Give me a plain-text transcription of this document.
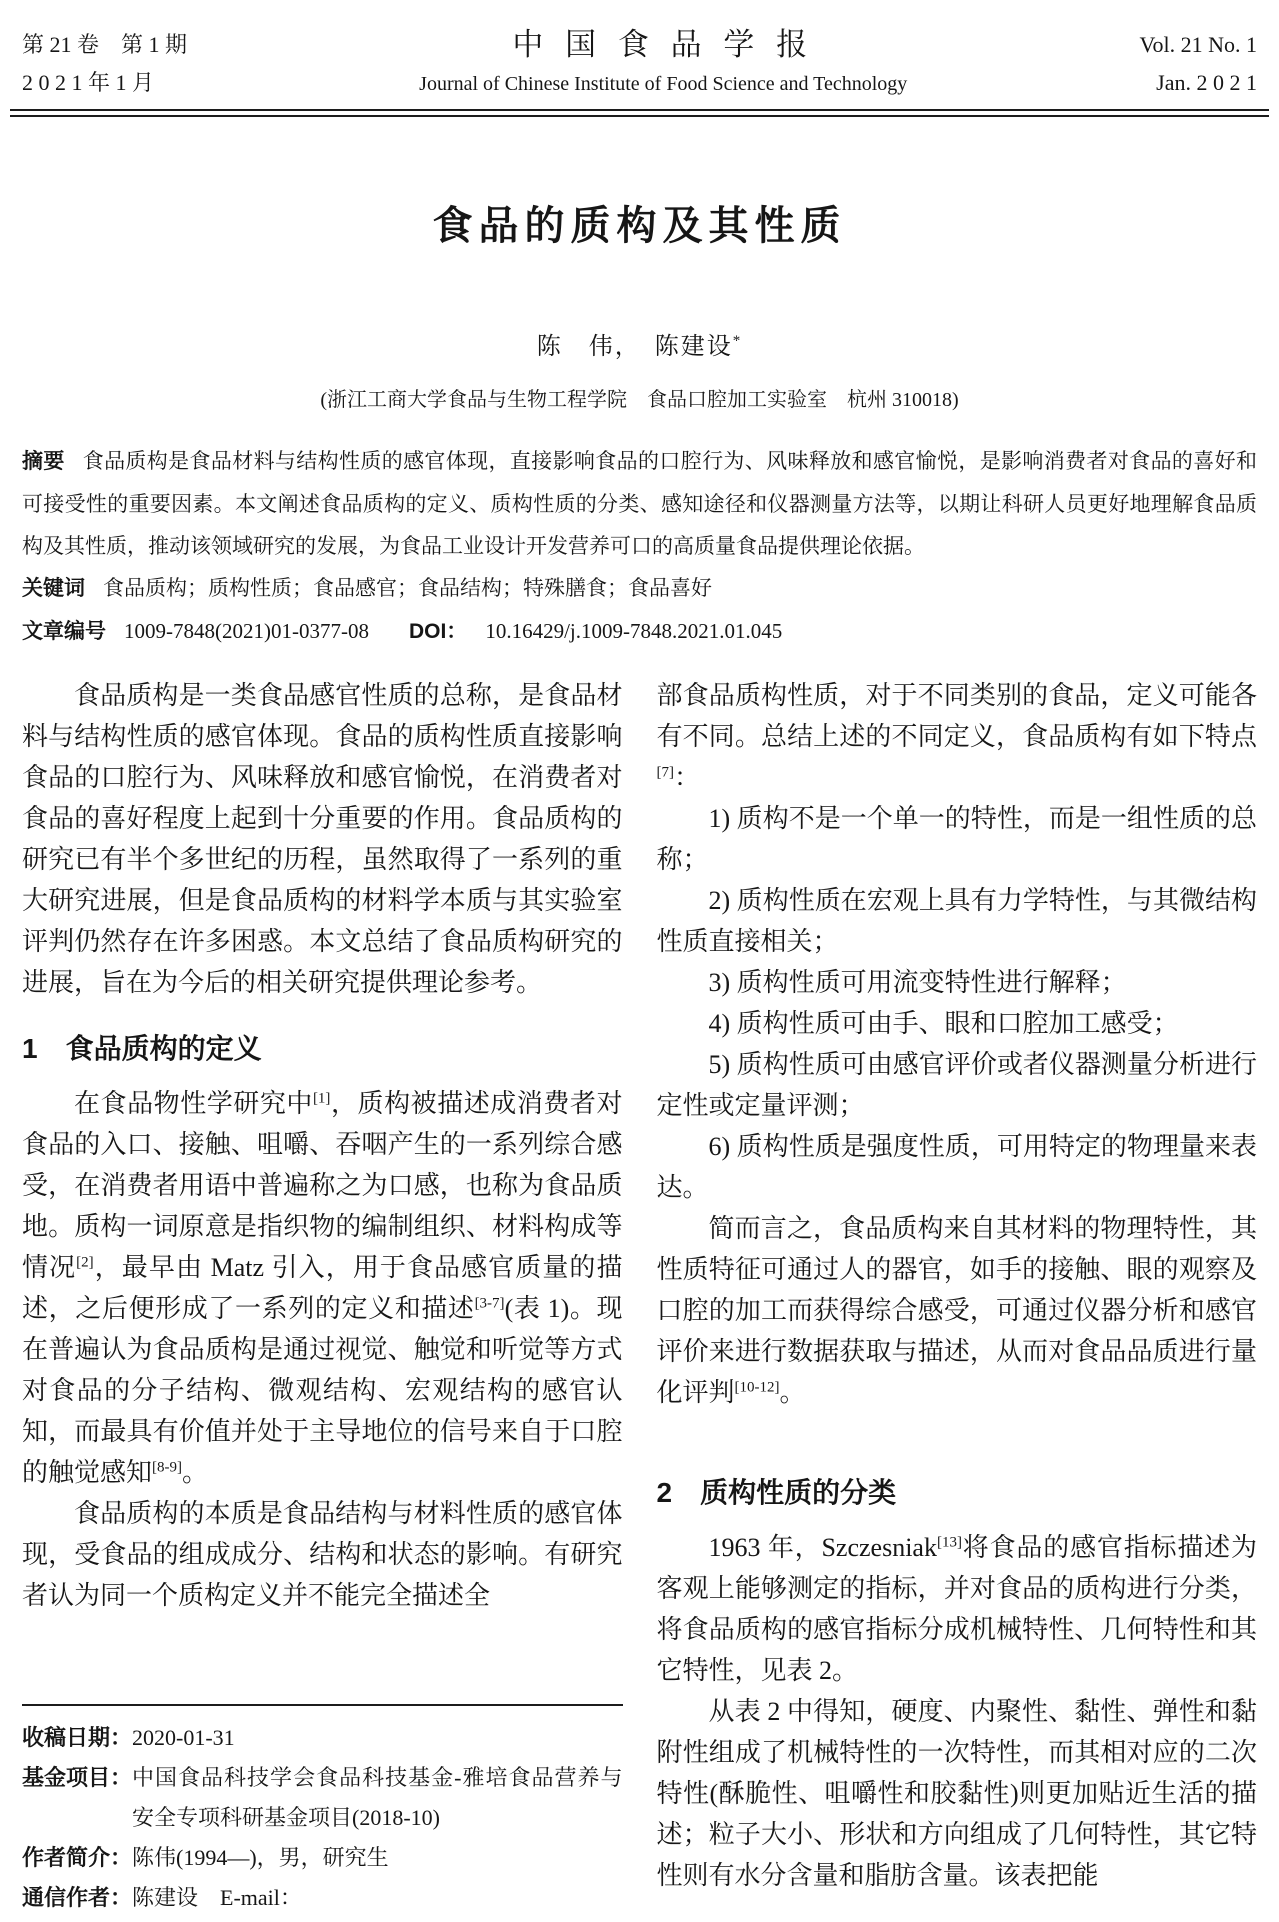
第 21 卷　第 1 期
2 0 2 1 年 1 月
中 国 食 品 学 报
Journal of Chinese Institute of Food Science and Technology
Vol. 21 No. 1
Jan. 2 0 2 1
食品的质构及其性质
陈　伟，　陈建设*
(浙江工商大学食品与生物工程学院　食品口腔加工实验室　杭州 310018)

摘要 食品质构是食品材料与结构性质的感官体现，直接影响食品的口腔行为、风味释放和感官愉悦，是影响消费者对食品的喜好和可接受性的重要因素。本文阐述食品质构的定义、质构性质的分类、感知途径和仪器测量方法等，以期让科研人员更好地理解食品质构及其性质，推动该领域研究的发展，为食品工业设计开发营养可口的高质量食品提供理论依据。

关键词 食品质构；质构性质；食品感官；食品结构；特殊膳食；食品喜好

文章编号 1009-7848(2021)01-0377-08 DOI： 10.16429/j.1009-7848.2021.01.045

食品质构是一类食品感官性质的总称，是食品材料与结构性质的感官体现。食品的质构性质直接影响食品的口腔行为、风味释放和感官愉悦，在消费者对食品的喜好程度上起到十分重要的作用。食品质构的研究已有半个多世纪的历程，虽然取得了一系列的重大研究进展，但是食品质构的材料学本质与其实验室评判仍然存在许多困惑。本文总结了食品质构研究的进展，旨在为今后的相关研究提供理论参考。

1　食品质构的定义

在食品物性学研究中[1]，质构被描述成消费者对食品的入口、接触、咀嚼、吞咽产生的一系列综合感受，在消费者用语中普遍称之为口感，也称为食品质地。质构一词原意是指织物的编制组织、材料构成等情况[2]，最早由 Matz 引入，用于食品感官质量的描述，之后便形成了一系列的定义和描述[3-7](表 1)。现在普遍认为食品质构是通过视觉、触觉和听觉等方式对食品的分子结构、微观结构、宏观结构的感官认知，而最具有价值并处于主导地位的信号来自于口腔的触觉感知[8-9]。

食品质构的本质是食品结构与材料性质的感官体现，受食品的组成成分、结构和状态的影响。有研究者认为同一个质构定义并不能完全描述全

收稿日期： 2020-01-31
基金项目： 中国食品科技学会食品科技基金-雅培食品营养与安全专项科研基金项目(2018-10)
作者简介： 陈伟(1994—)，男，研究生
通信作者： 陈建设　E-mail：

部食品质构性质，对于不同类别的食品，定义可能各有不同。总结上述的不同定义，食品质构有如下特点[7]：

1) 质构不是一个单一的特性，而是一组性质的总称；

2) 质构性质在宏观上具有力学特性，与其微结构性质直接相关；

3) 质构性质可用流变特性进行解释；

4) 质构性质可由手、眼和口腔加工感受；

5) 质构性质可由感官评价或者仪器测量分析进行定性或定量评测；

6) 质构性质是强度性质，可用特定的物理量来表达。

简而言之，食品质构来自其材料的物理特性，其性质特征可通过人的器官，如手的接触、眼的观察及口腔的加工而获得综合感受，可通过仪器分析和感官评价来进行数据获取与描述，从而对食品品质进行量化评判[10-12]。

2　质构性质的分类

1963 年，Szczesniak[13]将食品的感官指标描述为客观上能够测定的指标，并对食品的质构进行分类，将食品质构的感官指标分成机械特性、几何特性和其它特性，见表 2。

从表 2 中得知，硬度、内聚性、黏性、弹性和黏附性组成了机械特性的一次特性，而其相对应的二次特性(酥脆性、咀嚼性和胶黏性)则更加贴近生活的描述；粒子大小、形状和方向组成了几何特性，其它特性则有水分含量和脂肪含量。该表把能
